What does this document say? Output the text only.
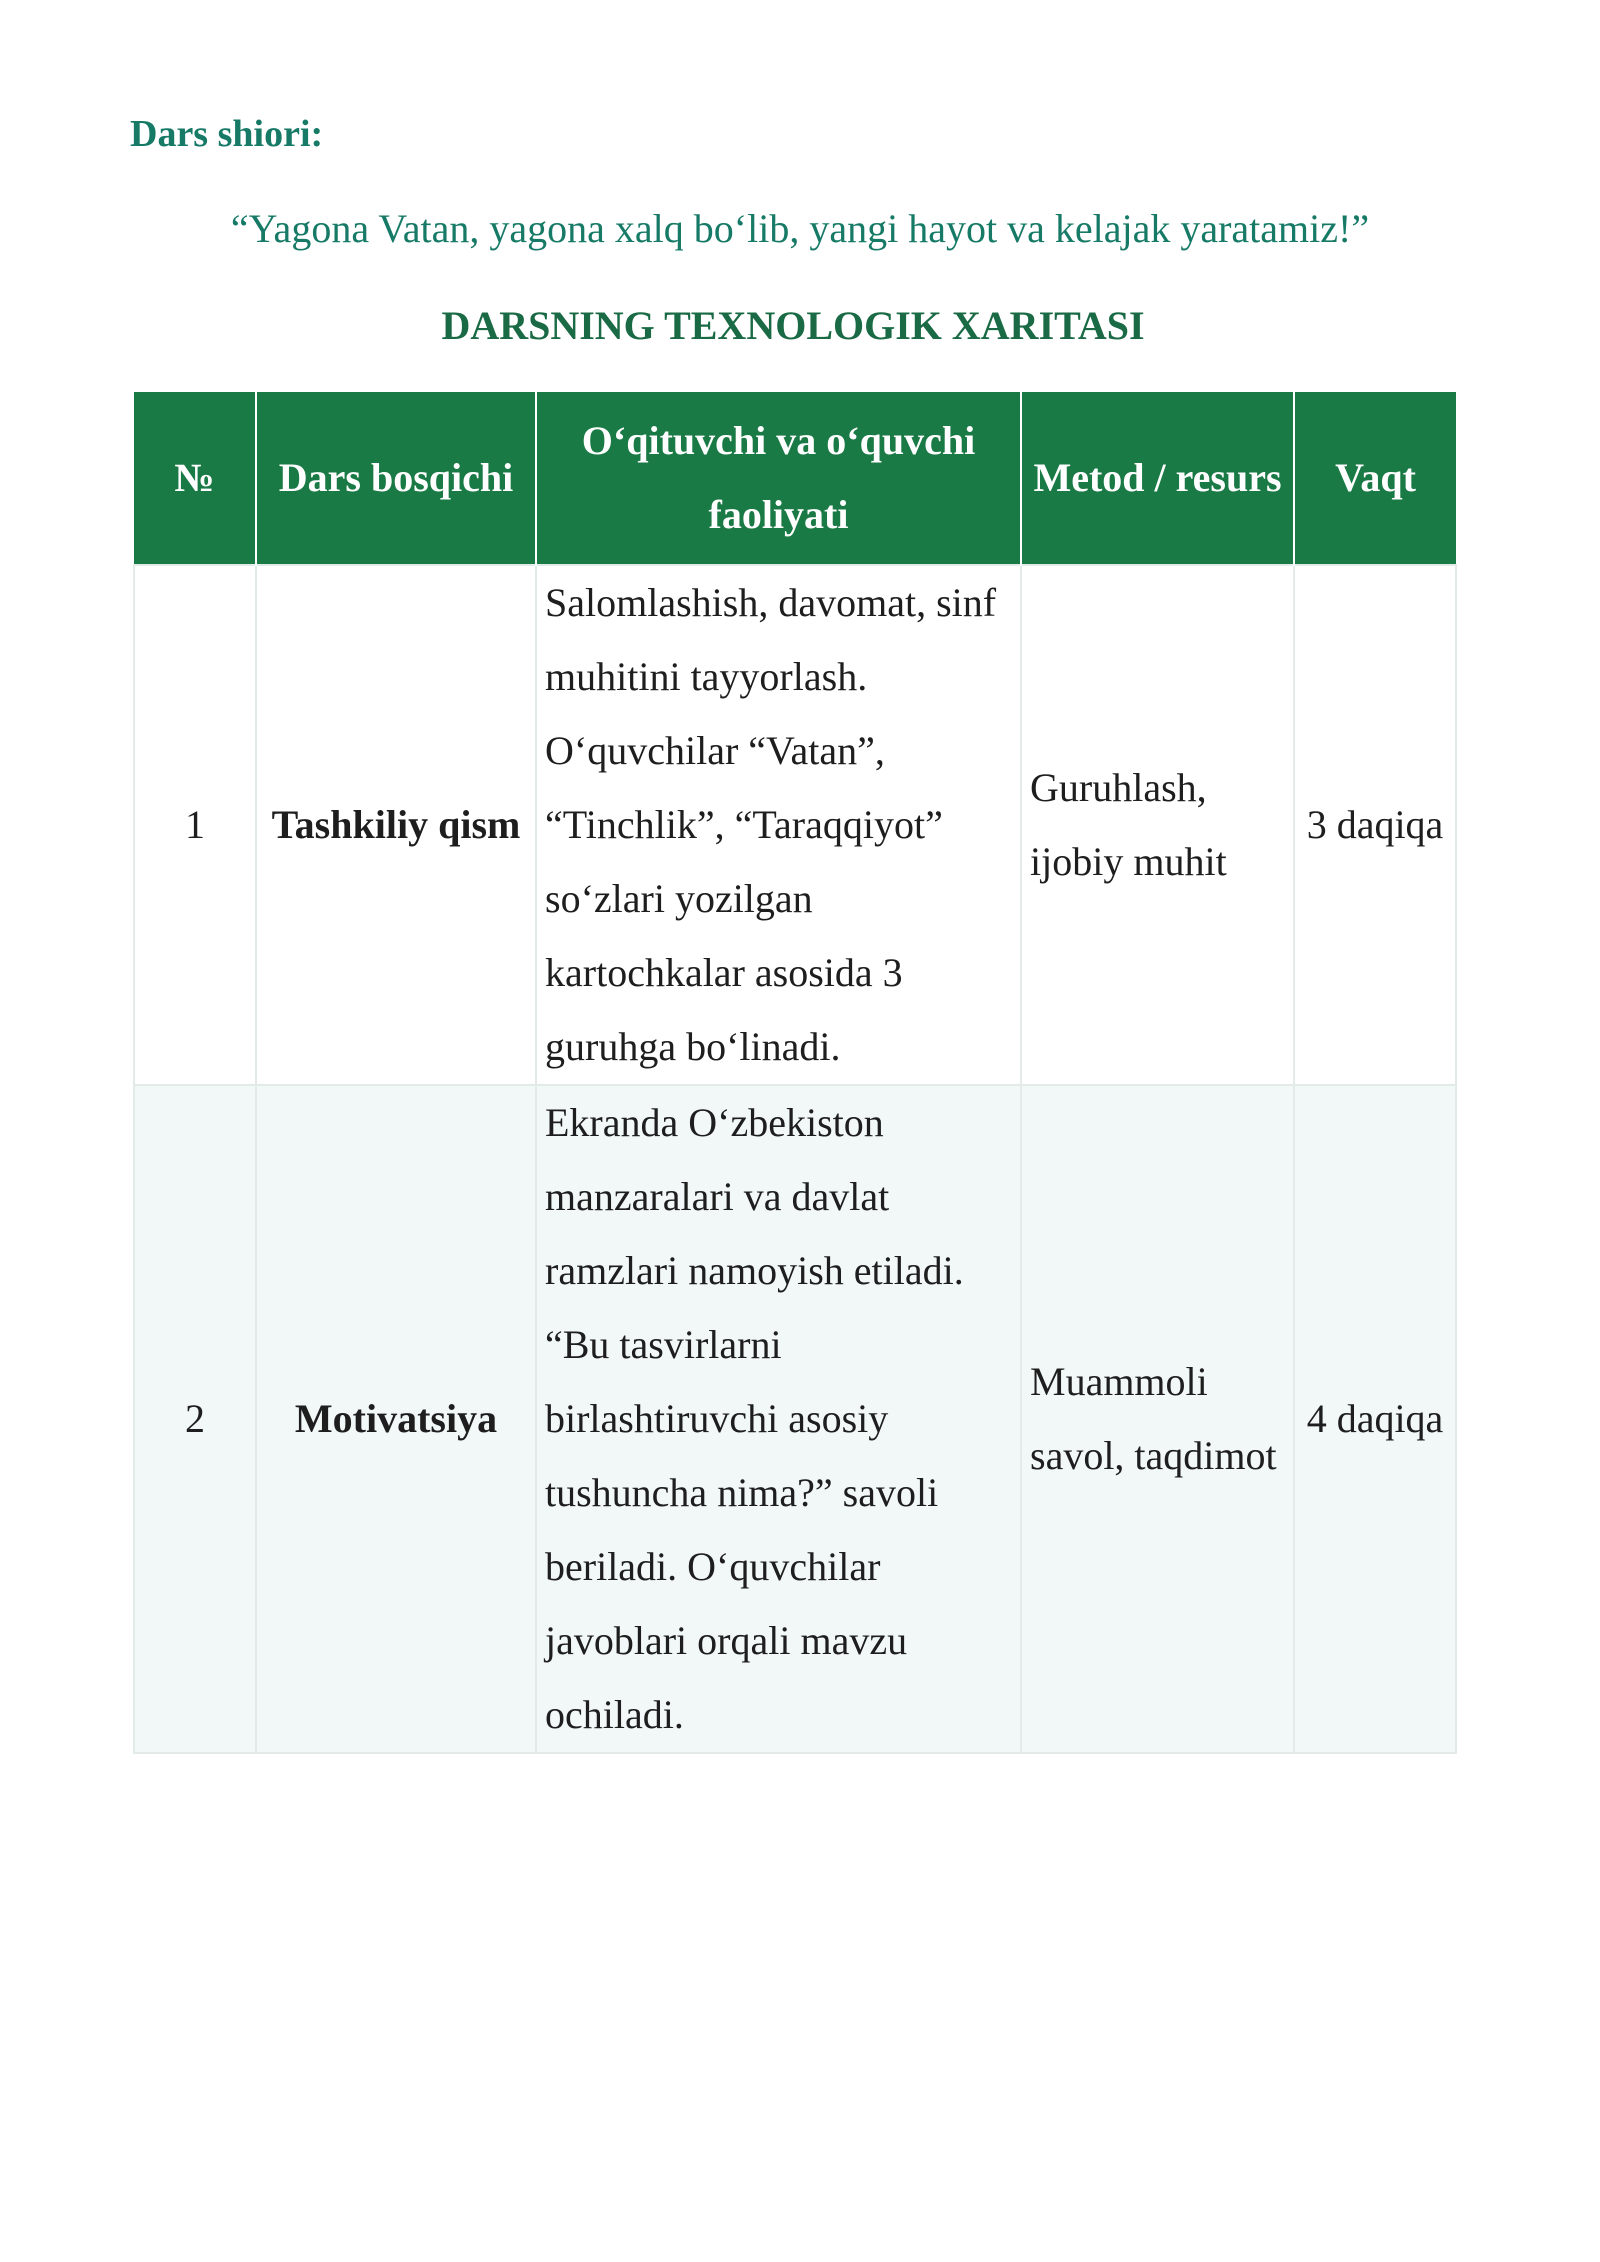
Dars shiori:

“Yagona Vatan, yagona xalq bo‘lib, yangi hayot va kelajak yaratamiz!”

DARSNING TEXNOLOGIK XARITASI
№	Dars bosqichi	O‘qituvchi va o‘quvchi faoliyati	Metod / resurs	Vaqt
1	Tashkiliy qism	Salomlashish, davomat, sinf muhitini tayyorlash. O‘quvchilar “Vatan”, “Tinchlik”, “Taraqqiyot” so‘zlari yozilgan kartochkalar asosida 3 guruhga bo‘linadi.	Guruhlash, ijobiy muhit	3 daqiqa
2	Motivatsiya	Ekranda O‘zbekiston manzaralari va davlat ramzlari namoyish etiladi. “Bu tasvirlarni birlashtiruvchi asosiy tushuncha nima?” savoli beriladi. O‘quvchilar javoblari orqali mavzu ochiladi.	Muammoli savol, taqdimot	4 daqiqa
